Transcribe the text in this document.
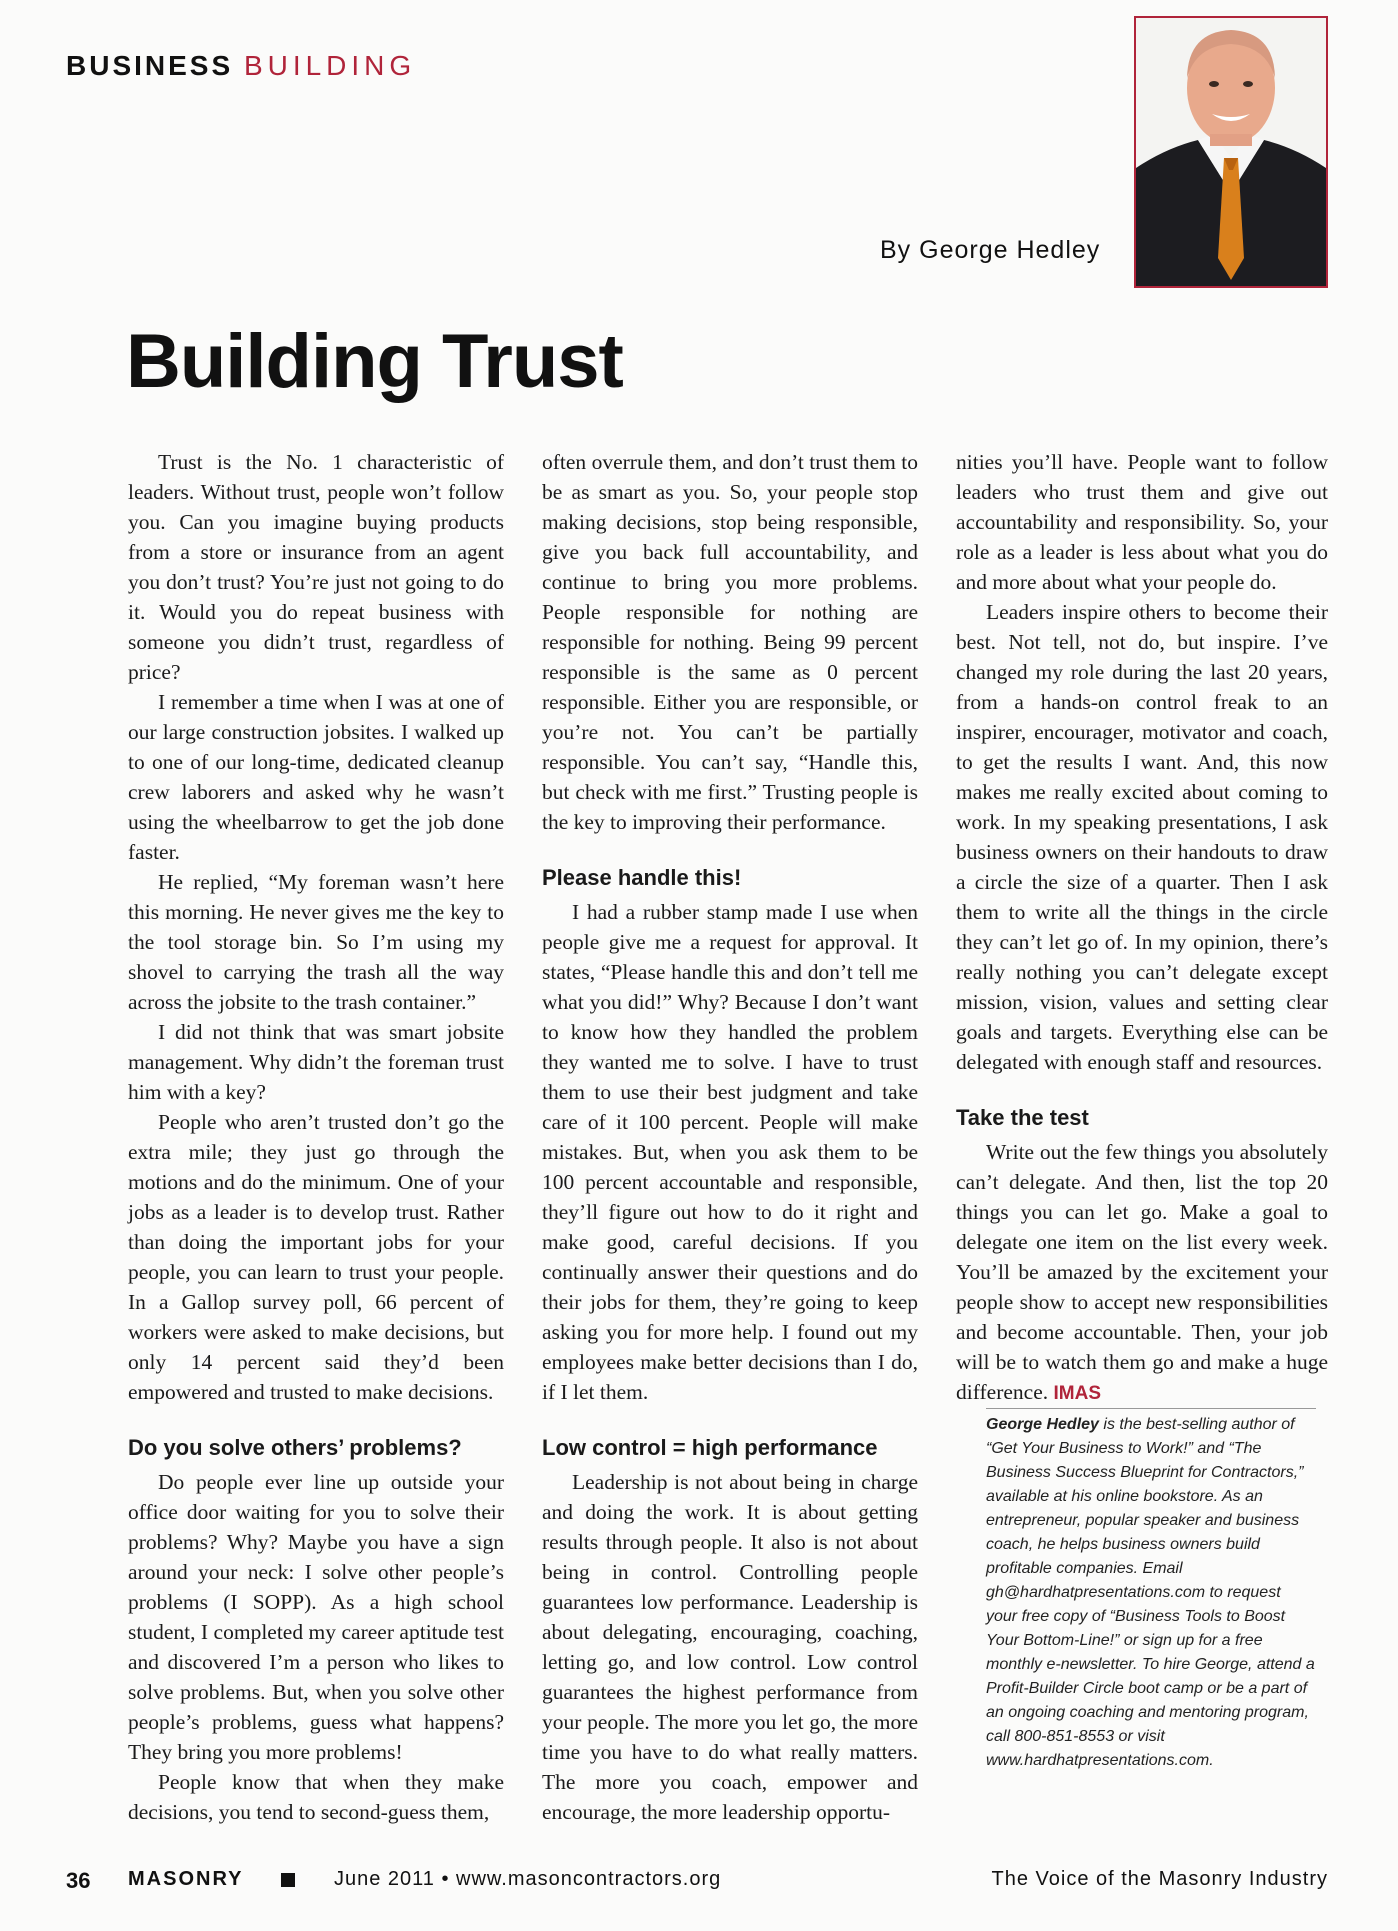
BUSINESS BUILDING
By George Hedley
Building Trust

Trust is the No. 1 characteristic of leaders. Without trust, people won’t follow you. Can you imagine buying products from a store or insurance from an agent you don’t trust? You’re just not going to do it. Would you do repeat business with someone you didn’t trust, regardless of price?

I remember a time when I was at one of our large construction jobsites. I walked up to one of our long-time, dedicated cleanup crew laborers and asked why he wasn’t using the wheelbarrow to get the job done faster.

He replied, “My foreman wasn’t here this morning. He never gives me the key to the tool storage bin. So I’m using my shovel to carrying the trash all the way across the jobsite to the trash container.”

I did not think that was smart jobsite management. Why didn’t the foreman trust him with a key?

People who aren’t trusted don’t go the extra mile; they just go through the motions and do the minimum. One of your jobs as a leader is to develop trust. Rather than doing the important jobs for your people, you can learn to trust your people. In a Gallop survey poll, 66 percent of workers were asked to make decisions, but only 14 percent said they’d been empowered and trusted to make decisions.

Do you solve others’ problems?

Do people ever line up outside your office door waiting for you to solve their problems? Why? Maybe you have a sign around your neck: I solve other people’s problems (I SOPP). As a high school student, I completed my career aptitude test and discovered I’m a person who likes to solve problems. But, when you solve other people’s problems, guess what happens? They bring you more problems!

People know that when they make decisions, you tend to second-guess them,

often overrule them, and don’t trust them to be as smart as you. So, your people stop making decisions, stop being responsible, give you back full accountability, and continue to bring you more problems. People responsible for nothing are responsible for nothing. Being 99 percent responsible is the same as 0 percent responsible. Either you are responsible, or you’re not. You can’t be partially responsible. You can’t say, “Handle this, but check with me first.” Trusting people is the key to improving their performance.

Please handle this!

I had a rubber stamp made I use when people give me a request for approval. It states, “Please handle this and don’t tell me what you did!” Why? Because I don’t want to know how they handled the problem they wanted me to solve. I have to trust them to use their best judgment and take care of it 100 percent. People will make mistakes. But, when you ask them to be 100 percent accountable and responsible, they’ll figure out how to do it right and make good, careful decisions. If you continually answer their questions and do their jobs for them, they’re going to keep asking you for more help. I found out my employees make better decisions than I do, if I let them.

Low control = high performance

Leadership is not about being in charge and doing the work. It is about getting results through people. It also is not about being in control. Controlling people guarantees low performance. Leadership is about delegating, encouraging, coaching, letting go, and low control. Low control guarantees the highest performance from your people. The more you let go, the more time you have to do what really matters. The more you coach, empower and encourage, the more leadership opportu-

nities you’ll have. People want to follow leaders who trust them and give out accountability and responsibility. So, your role as a leader is less about what you do and more about what your people do.

Leaders inspire others to become their best. Not tell, not do, but inspire. I’ve changed my role during the last 20 years, from a hands-on control freak to an inspirer, encourager, motivator and coach, to get the results I want. And, this now makes me really excited about coming to work. In my speaking presentations, I ask business owners on their handouts to draw a circle the size of a quarter. Then I ask them to write all the things in the circle they can’t let go of. In my opinion, there’s really nothing you can’t delegate except mission, vision, values and setting clear goals and targets. Everything else can be delegated with enough staff and resources.

Take the test

Write out the few things you absolutely can’t delegate. And then, list the top 20 things you can let go. Make a goal to delegate one item on the list every week. You’ll be amazed by the excitement your people show to accept new responsibilities and become accountable. Then, your job will be to watch them go and make a huge difference. IMAS

George Hedley is the best-selling author of “Get Your Business to Work!” and “The Business Success Blueprint for Contractors,” available at his online bookstore. As an entrepreneur, popular speaker and business coach, he helps business owners build profitable companies. Email gh@hardhatpresentations.com to request your free copy of “Business Tools to Boost Your Bottom-Line!” or sign up for a free monthly e-newsletter. To hire George, attend a Profit-Builder Circle boot camp or be a part of an ongoing coaching and mentoring program, call 800-851-8553 or visit www.hardhatpresentations.com.
36 MASONRY	June 2011 • www.masoncontractors.org	The Voice of the Masonry Industry
